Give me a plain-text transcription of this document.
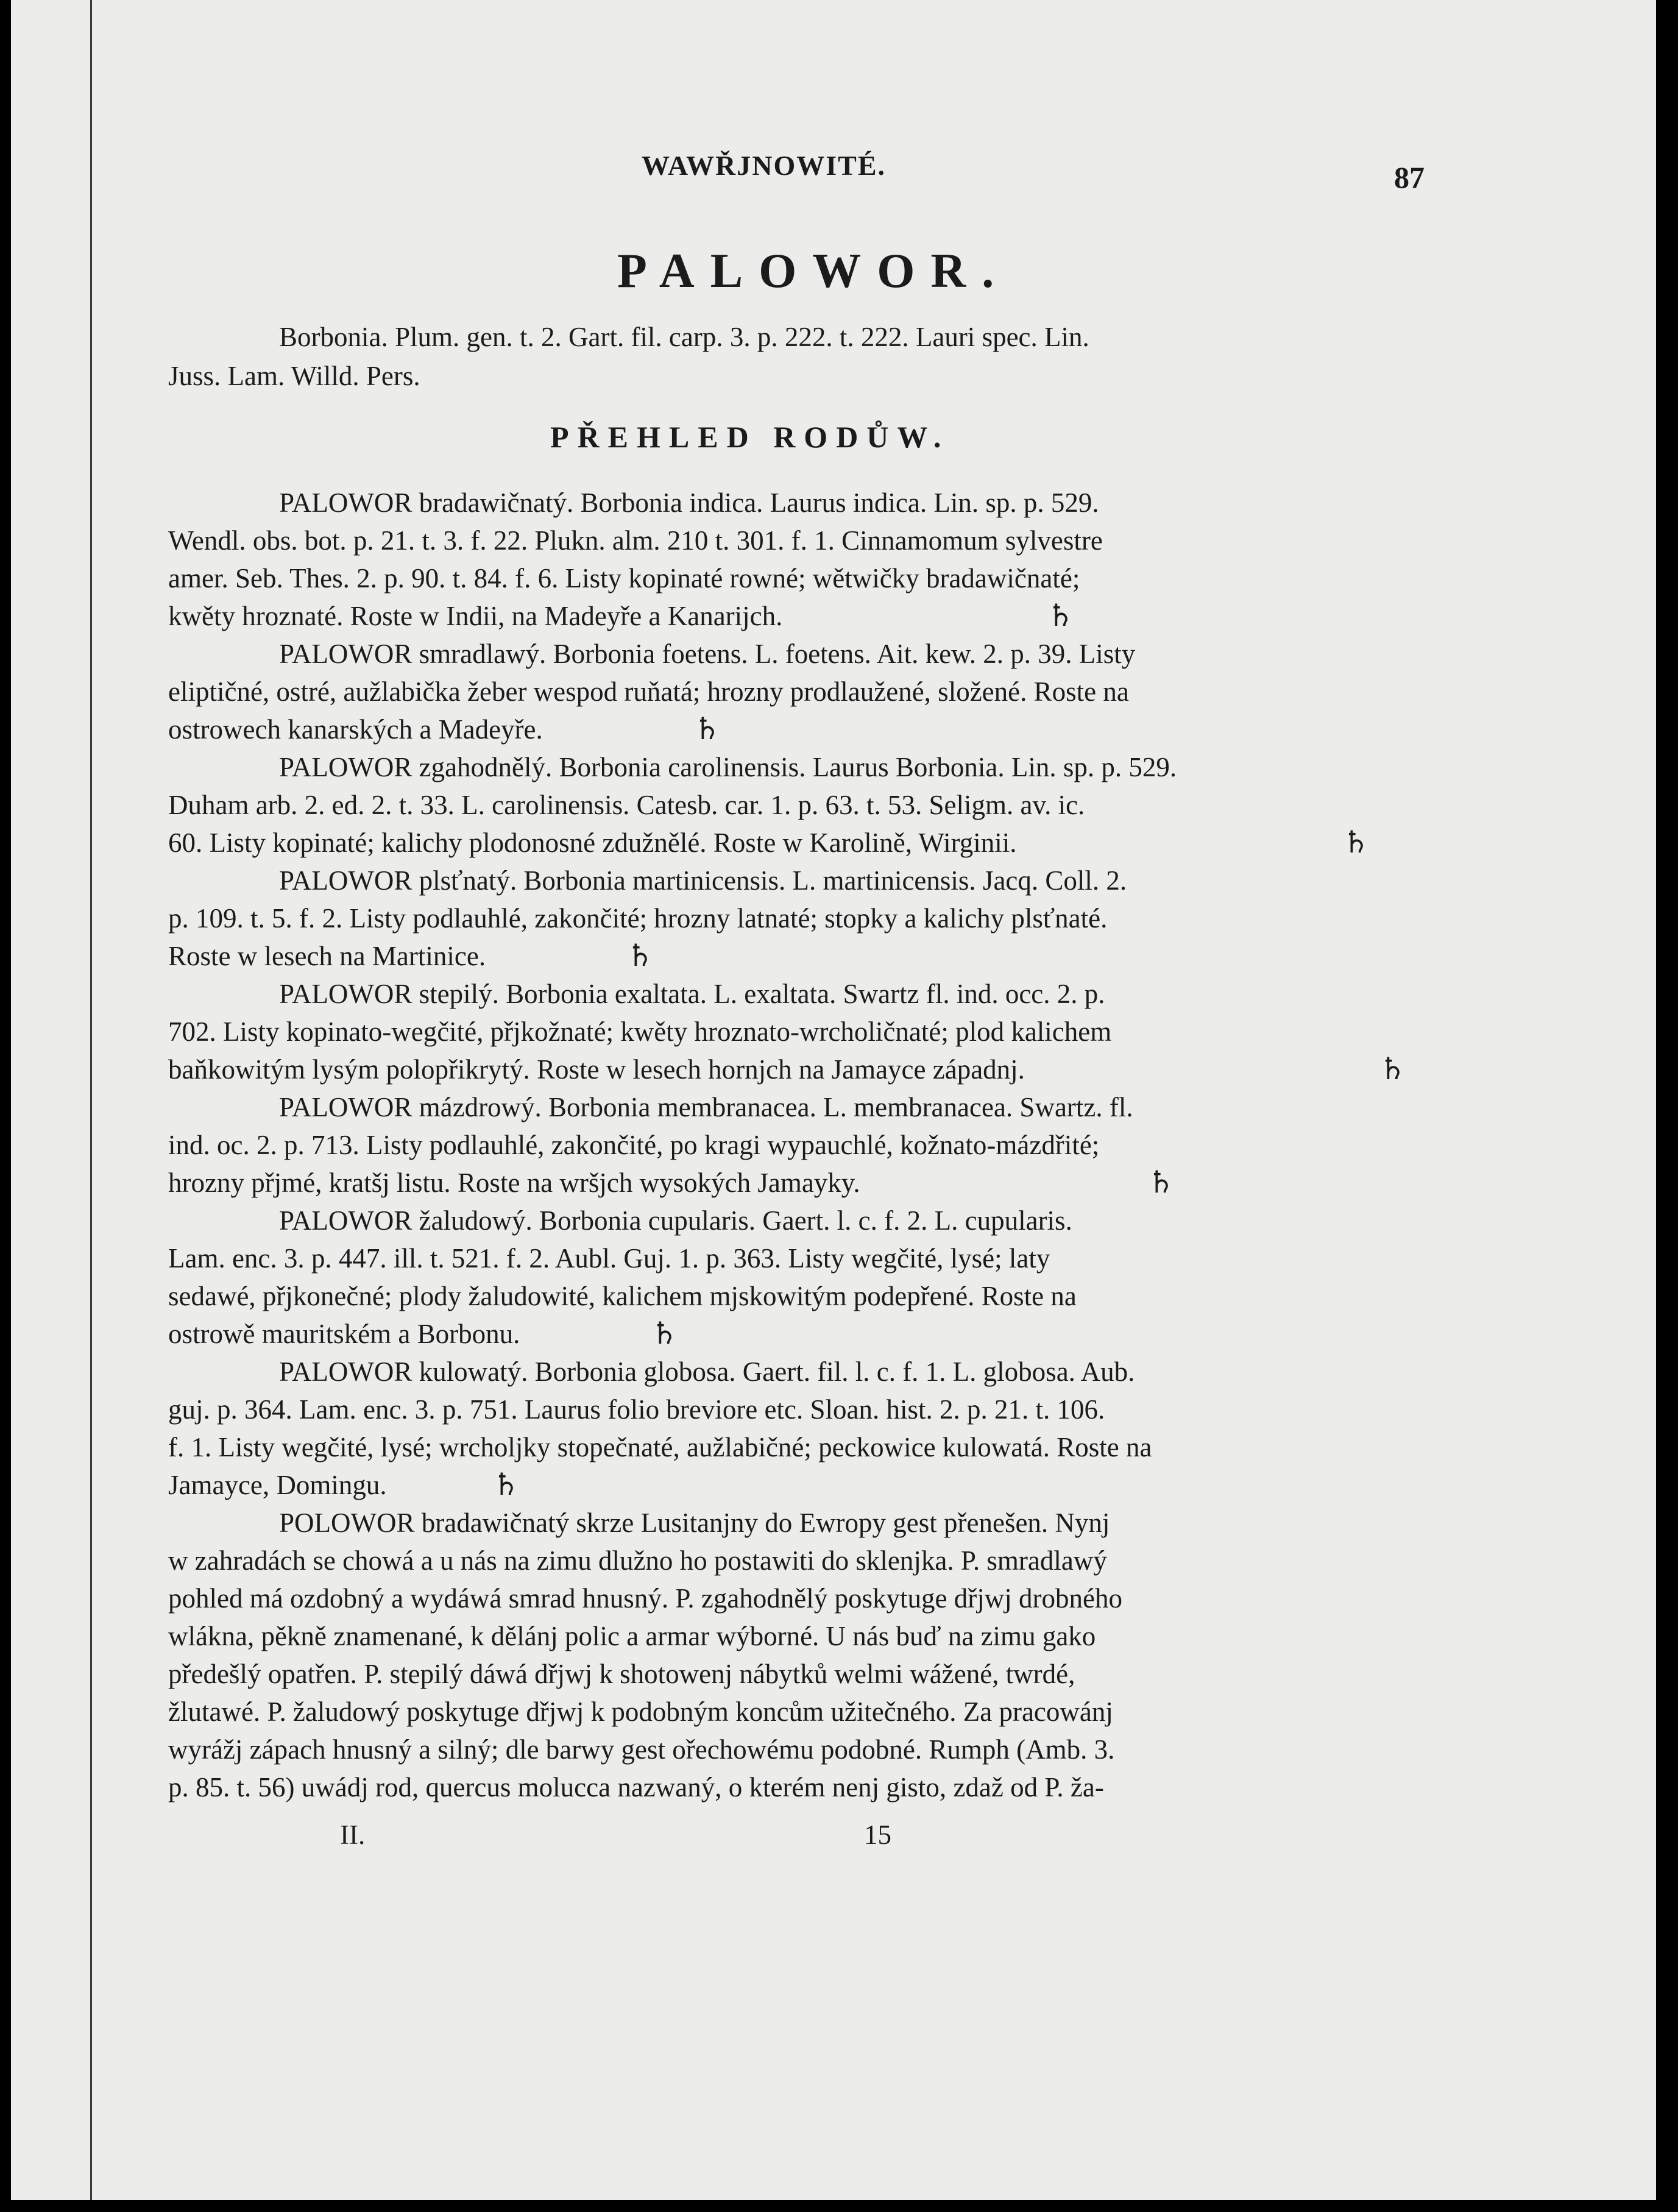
WAWŘJNOWITÉ.	87
PALOWOR.
Borbonia. Plum. gen. t. 2. Gart. fil. carp. 3. p. 222. t. 222. Lauri spec. Lin.
Juss. Lam. Willd. Pers.
PŘEHLED RODŮW.
PALOWOR bradawičnatý. Borbonia indica. Laurus indica. Lin. sp. p. 529.
Wendl. obs. bot. p. 21. t. 3. f. 22. Plukn. alm. 210 t. 301. f. 1. Cinnamomum sylvestre
amer. Seb. Thes. 2. p. 90. t. 84. f. 6. Listy kopinaté rowné; wětwičky bradawičnaté;
kwěty hroznaté. Roste w Indii, na Madeyře a Kanarijch.	♄
PALOWOR smradlawý. Borbonia foetens. L. foetens. Ait. kew. 2. p. 39. Listy
eliptičné, ostré, aužlabička žeber wespod ruňatá; hrozny prodlaužené, složené. Roste na
ostrowech kanarských a Madeyře.	♄
PALOWOR zgahodnělý. Borbonia carolinensis. Laurus Borbonia. Lin. sp. p. 529.
Duham arb. 2. ed. 2. t. 33. L. carolinensis. Catesb. car. 1. p. 63. t. 53. Seligm. av. ic.
60. Listy kopinaté; kalichy plodonosné zdužnělé. Roste w Karolině, Wirginii.	♄
PALOWOR plsťnatý. Borbonia martinicensis. L. martinicensis. Jacq. Coll. 2.
p. 109. t. 5. f. 2. Listy podlauhlé, zakončité; hrozny latnaté; stopky a kalichy plsťnaté.
Roste w lesech na Martinice.	♄
PALOWOR stepilý. Borbonia exaltata. L. exaltata. Swartz fl. ind. occ. 2. p.
702. Listy kopinato-wegčité, přjkožnaté; kwěty hroznato-wrcholičnaté; plod kalichem
baňkowitým lysým polopřikrytý. Roste w lesech hornjch na Jamayce západnj.	♄
PALOWOR mázdrowý. Borbonia membranacea. L. membranacea. Swartz. fl.
ind. oc. 2. p. 713. Listy podlauhlé, zakončité, po kragi wypauchlé, kožnato-mázdřité;
hrozny přjmé, kratšj listu. Roste na wršjch wysokých Jamayky.	♄
PALOWOR žaludowý. Borbonia cupularis. Gaert. l. c. f. 2. L. cupularis.
Lam. enc. 3. p. 447. ill. t. 521. f. 2. Aubl. Guj. 1. p. 363. Listy wegčité, lysé; laty
sedawé, přjkonečné; plody žaludowité, kalichem mjskowitým podepřené. Roste na
ostrowě mauritském a Borbonu.	♄
PALOWOR kulowatý. Borbonia globosa. Gaert. fil. l. c. f. 1. L. globosa. Aub.
guj. p. 364. Lam. enc. 3. p. 751. Laurus folio breviore etc. Sloan. hist. 2. p. 21. t. 106.
f. 1. Listy wegčité, lysé; wrcholjky stopečnaté, aužlabičné; peckowice kulowatá. Roste na
Jamayce, Domingu.	♄
POLOWOR bradawičnatý skrze Lusitanjny do Ewropy gest přenešen. Nynj
w zahradách se chowá a u nás na zimu dlužno ho postawiti do sklenjka. P. smradlawý
pohled má ozdobný a wydáwá smrad hnusný. P. zgahodnělý poskytuge dřjwj drobného
wlákna, pěkně znamenané, k dělánj polic a armar wýborné. U nás buď na zimu gako
předešlý opatřen. P. stepilý dáwá dřjwj k shotowenj nábytků welmi wážené, twrdé,
žlutawé. P. žaludowý poskytuge dřjwj k podobným koncům užitečného. Za pracowánj
wyrážj zápach hnusný a silný; dle barwy gest ořechowému podobné. Rumph (Amb. 3.
p. 85. t. 56) uwádj rod, quercus molucca nazwaný, o kterém nenj gisto, zdaž od P. ža-
II.	15
